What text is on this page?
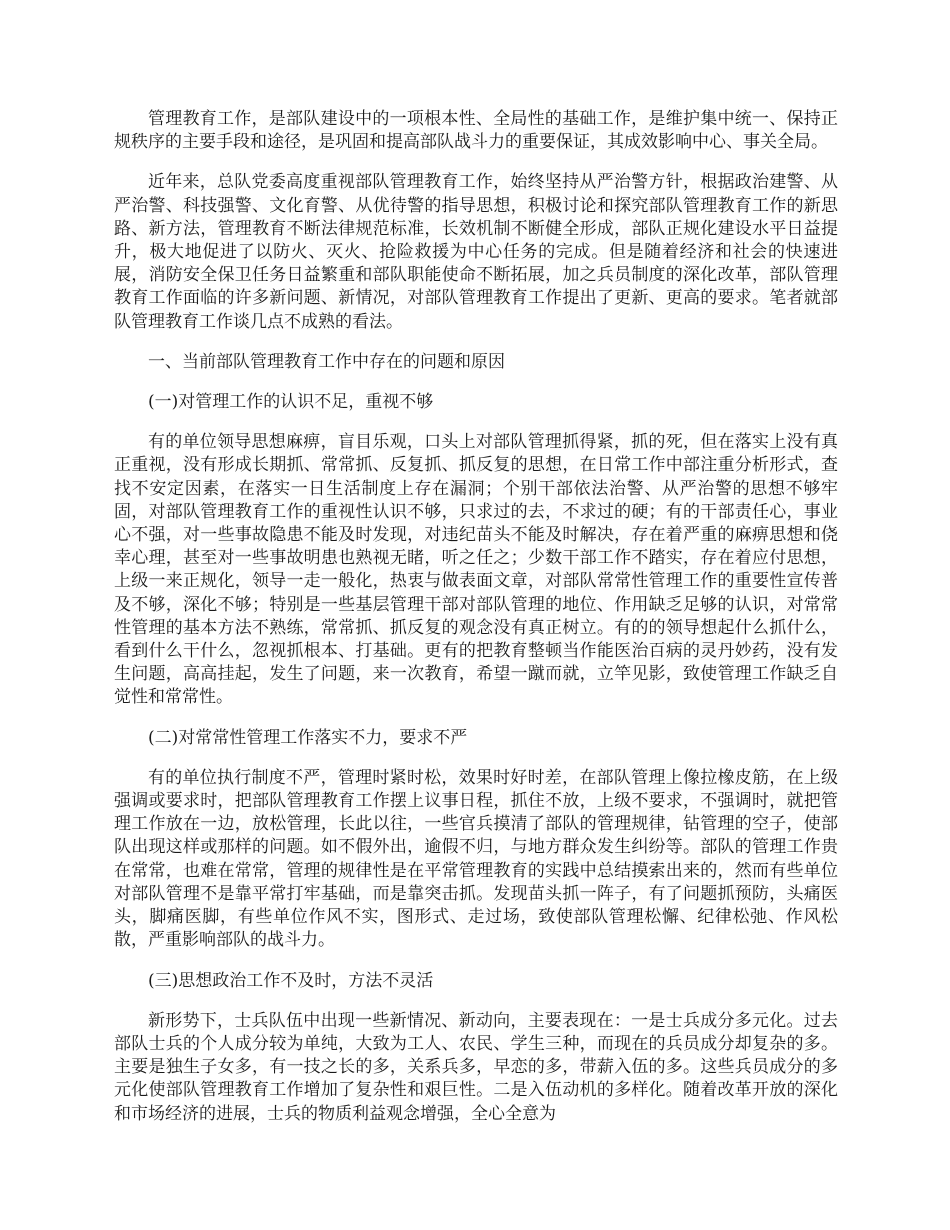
管理教育工作，是部队建设中的一项根本性、全局性的基础工作，是维护集中统一、保持正规秩序的主要手段和途径，是巩固和提高部队战斗力的重要保证，其成效影响中心、事关全局。

近年来，总队党委高度重视部队管理教育工作，始终坚持从严治警方针，根据政治建警、从严治警、科技强警、文化育警、从优待警的指导思想，积极讨论和探究部队管理教育工作的新思路、新方法，管理教育不断法律规范标准，长效机制不断健全形成，部队正规化建设水平日益提升，极大地促进了以防火、灭火、抢险救援为中心任务的完成。但是随着经济和社会的快速进展，消防安全保卫任务日益繁重和部队职能使命不断拓展，加之兵员制度的深化改革，部队管理教育工作面临的许多新问题、新情况，对部队管理教育工作提出了更新、更高的要求。笔者就部队管理教育工作谈几点不成熟的看法。

一、当前部队管理教育工作中存在的问题和原因

(一)对管理工作的认识不足，重视不够

有的单位领导思想麻痹，盲目乐观，口头上对部队管理抓得紧，抓的死，但在落实上没有真正重视，没有形成长期抓、常常抓、反复抓、抓反复的思想，在日常工作中部注重分析形式，查找不安定因素，在落实一日生活制度上存在漏洞；个别干部依法治警、从严治警的思想不够牢固，对部队管理教育工作的重视性认识不够，只求过的去，不求过的硬；有的干部责任心，事业心不强，对一些事故隐患不能及时发现，对违纪苗头不能及时解决，存在着严重的麻痹思想和侥幸心理，甚至对一些事故明患也熟视无睹，听之任之；少数干部工作不踏实，存在着应付思想，上级一来正规化，领导一走一般化，热衷与做表面文章，对部队常常性管理工作的重要性宣传普及不够，深化不够；特别是一些基层管理干部对部队管理的地位、作用缺乏足够的认识，对常常性管理的基本方法不熟练，常常抓、抓反复的观念没有真正树立。有的的领导想起什么抓什么，看到什么干什么，忽视抓根本、打基础。更有的把教育整顿当作能医治百病的灵丹妙药，没有发生问题，高高挂起，发生了问题，来一次教育，希望一蹴而就，立竿见影，致使管理工作缺乏自觉性和常常性。

(二)对常常性管理工作落实不力，要求不严

有的单位执行制度不严，管理时紧时松，效果时好时差，在部队管理上像拉橡皮筋，在上级强调或要求时，把部队管理教育工作摆上议事日程，抓住不放，上级不要求，不强调时，就把管理工作放在一边，放松管理，长此以往，一些官兵摸清了部队的管理规律，钻管理的空子，使部队出现这样或那样的问题。如不假外出，逾假不归，与地方群众发生纠纷等。部队的管理工作贵在常常，也难在常常，管理的规律性是在平常管理教育的实践中总结摸索出来的，然而有些单位对部队管理不是靠平常打牢基础，而是靠突击抓。发现苗头抓一阵子，有了问题抓预防，头痛医头，脚痛医脚，有些单位作风不实，图形式、走过场，致使部队管理松懈、纪律松弛、作风松散，严重影响部队的战斗力。

(三)思想政治工作不及时，方法不灵活

新形势下，士兵队伍中出现一些新情况、新动向，主要表现在：一是士兵成分多元化。过去部队士兵的个人成分较为单纯，大致为工人、农民、学生三种，而现在的兵员成分却复杂的多。主要是独生子女多，有一技之长的多，关系兵多，早恋的多，带薪入伍的多。这些兵员成分的多元化使部队管理教育工作增加了复杂性和艰巨性。二是入伍动机的多样化。随着改革开放的深化和市场经济的进展，士兵的物质利益观念增强，全心全意为
